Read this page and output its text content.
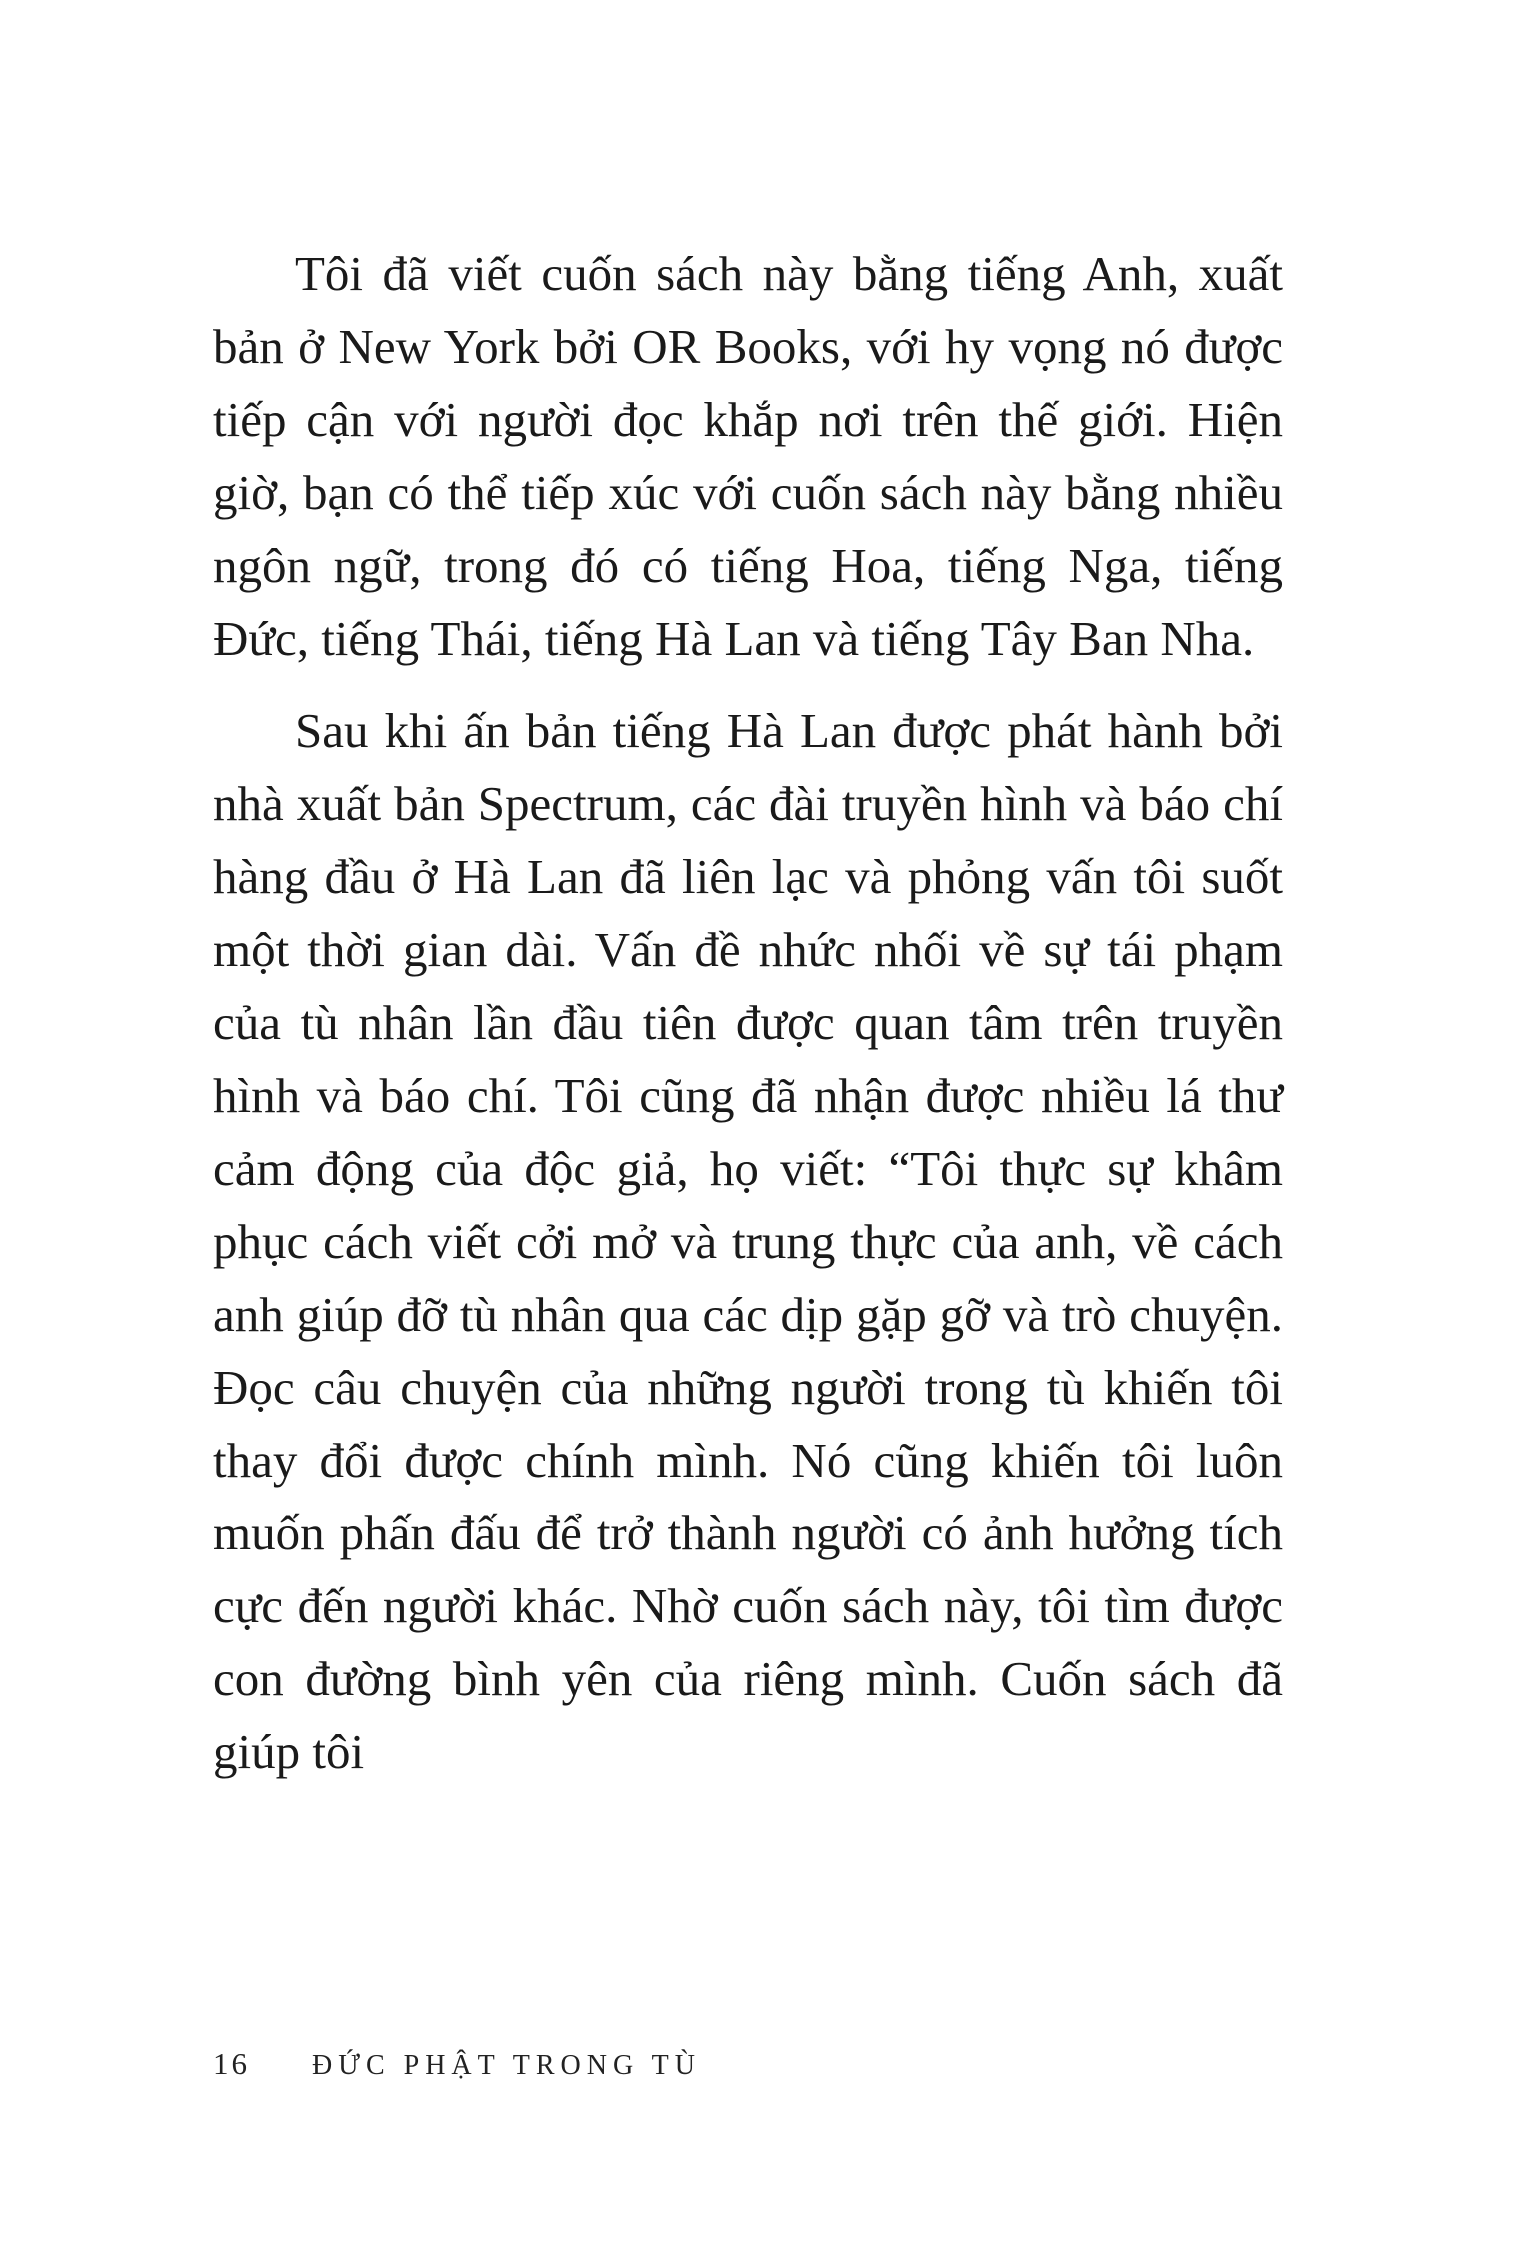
Tôi đã viết cuốn sách này bằng tiếng Anh, xuất bản ở New York bởi OR Books, với hy vọng nó được tiếp cận với người đọc khắp nơi trên thế giới. Hiện giờ, bạn có thể tiếp xúc với cuốn sách này bằng nhiều ngôn ngữ, trong đó có tiếng Hoa, tiếng Nga, tiếng Đức, tiếng Thái, tiếng Hà Lan và tiếng Tây Ban Nha.

Sau khi ấn bản tiếng Hà Lan được phát hành bởi nhà xuất bản Spectrum, các đài truyền hình và báo chí hàng đầu ở Hà Lan đã liên lạc và phỏng vấn tôi suốt một thời gian dài. Vấn đề nhức nhối về sự tái phạm của tù nhân lần đầu tiên được quan tâm trên truyền hình và báo chí. Tôi cũng đã nhận được nhiều lá thư cảm động của độc giả, họ viết: “Tôi thực sự khâm phục cách viết cởi mở và trung thực của anh, về cách anh giúp đỡ tù nhân qua các dịp gặp gỡ và trò chuyện. Đọc câu chuyện của những người trong tù khiến tôi thay đổi được chính mình. Nó cũng khiến tôi luôn muốn phấn đấu để trở thành người có ảnh hưởng tích cực đến người khác. Nhờ cuốn sách này, tôi tìm được con đường bình yên của riêng mình. Cuốn sách đã giúp tôi

16 ĐỨC PHẬT TRONG TÙ
